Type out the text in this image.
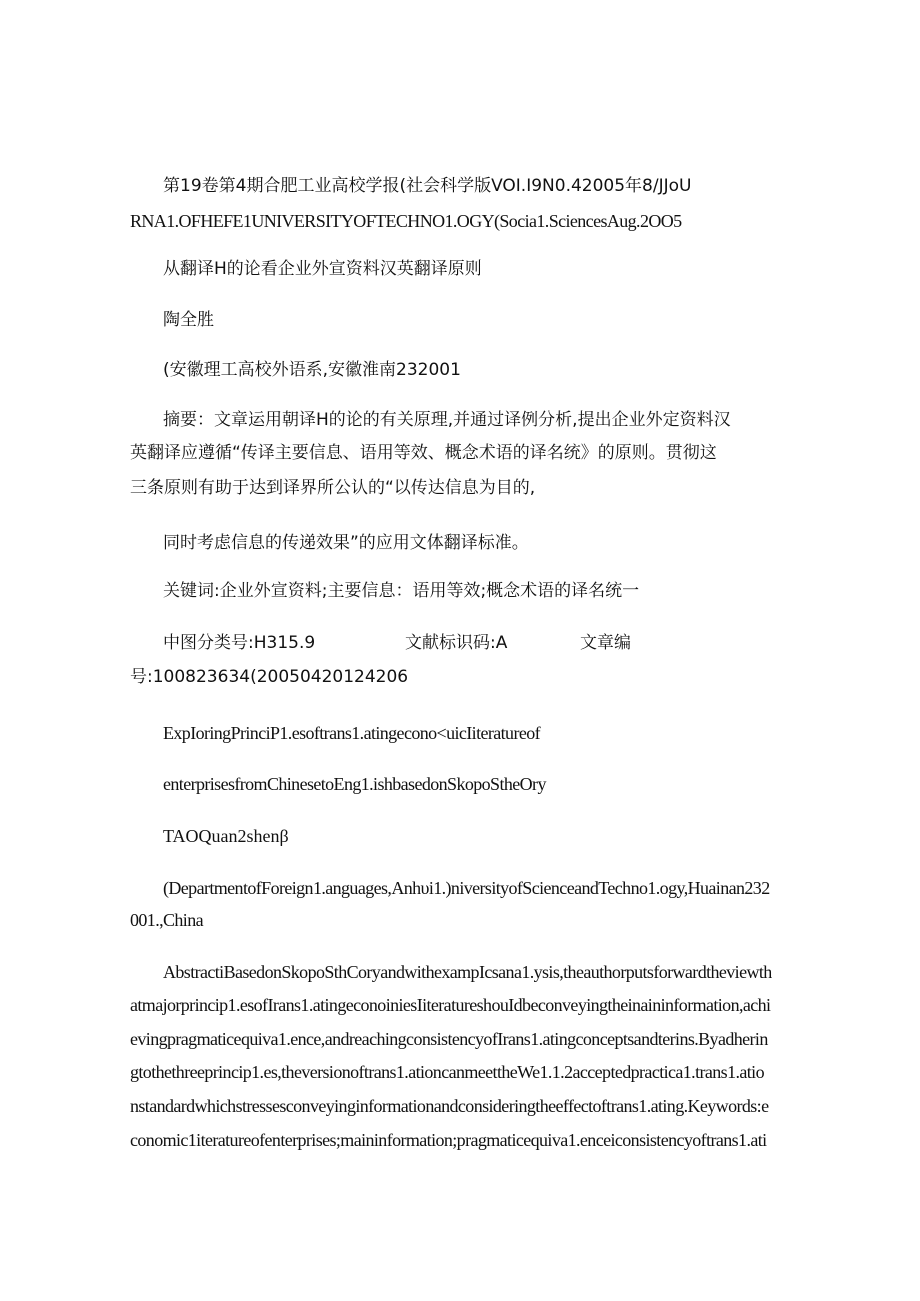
第19卷第4期合肥工业高校学报(社会科学版VOI.I9N0.42005年8/JJoU
RNA1.OFHEFE1UNIVERSITYOFTECHNO1.OGY(Socia1.SciencesAug.2OO5
从翻译H的论看企业外宣资料汉英翻译原则
陶全胜
(安徽理工高校外语系,安徽淮南232001
摘要：文章运用朝译H的论的有关原理,并通过译例分析,提出企业外定资料汉
英翻译应遵循“传译主要信息、语用等效、概念术语的译名统》的原则。贯彻这
三条原则有助于达到译界所公认的“以传达信息为目的,
同时考虑信息的传递效果”的应用文体翻译标准。
关键词:企业外宣资料;主要信息：语用等效;概念术语的译名统一
中图分类号:H315.9	文献标识码:A	文章编
号:100823634(20050420124206
ExpIoringPrinciP1.esoftrans1.atingecono<uicIiteratureof
enterprisesfromChinesetoEng1.ishbasedonSkopoStheOry
TAOQuan2shenβ
(DepartmentofForeign1.anguages,Anhυi1.)niversityofScienceandTechno1.ogy,Huainan232
001.,China
AbstractiBasedonSkopoSthCoryandwithexampIcsana1.ysis,theauthorputsforwardtheviewth
atmajorprincip1.esofIrans1.atingeconoiniesIiteratureshouIdbeconveyingtheinaininformation,achi
evingpragmaticequiva1.ence,andreachingconsistencyofIrans1.atingconceptsandterins.Byadherin
gtothethreeprincip1.es,theversionoftrans1.ationcanmeettheWe1.1.2acceptedpractica1.trans1.atio
nstandardwhichstressesconveyinginformationandconsideringtheeffectoftrans1.ating.Keywords:e
conomic1iteratureofenterprises;maininformation;pragmaticequiva1.enceiconsistencyoftrans1.ati
